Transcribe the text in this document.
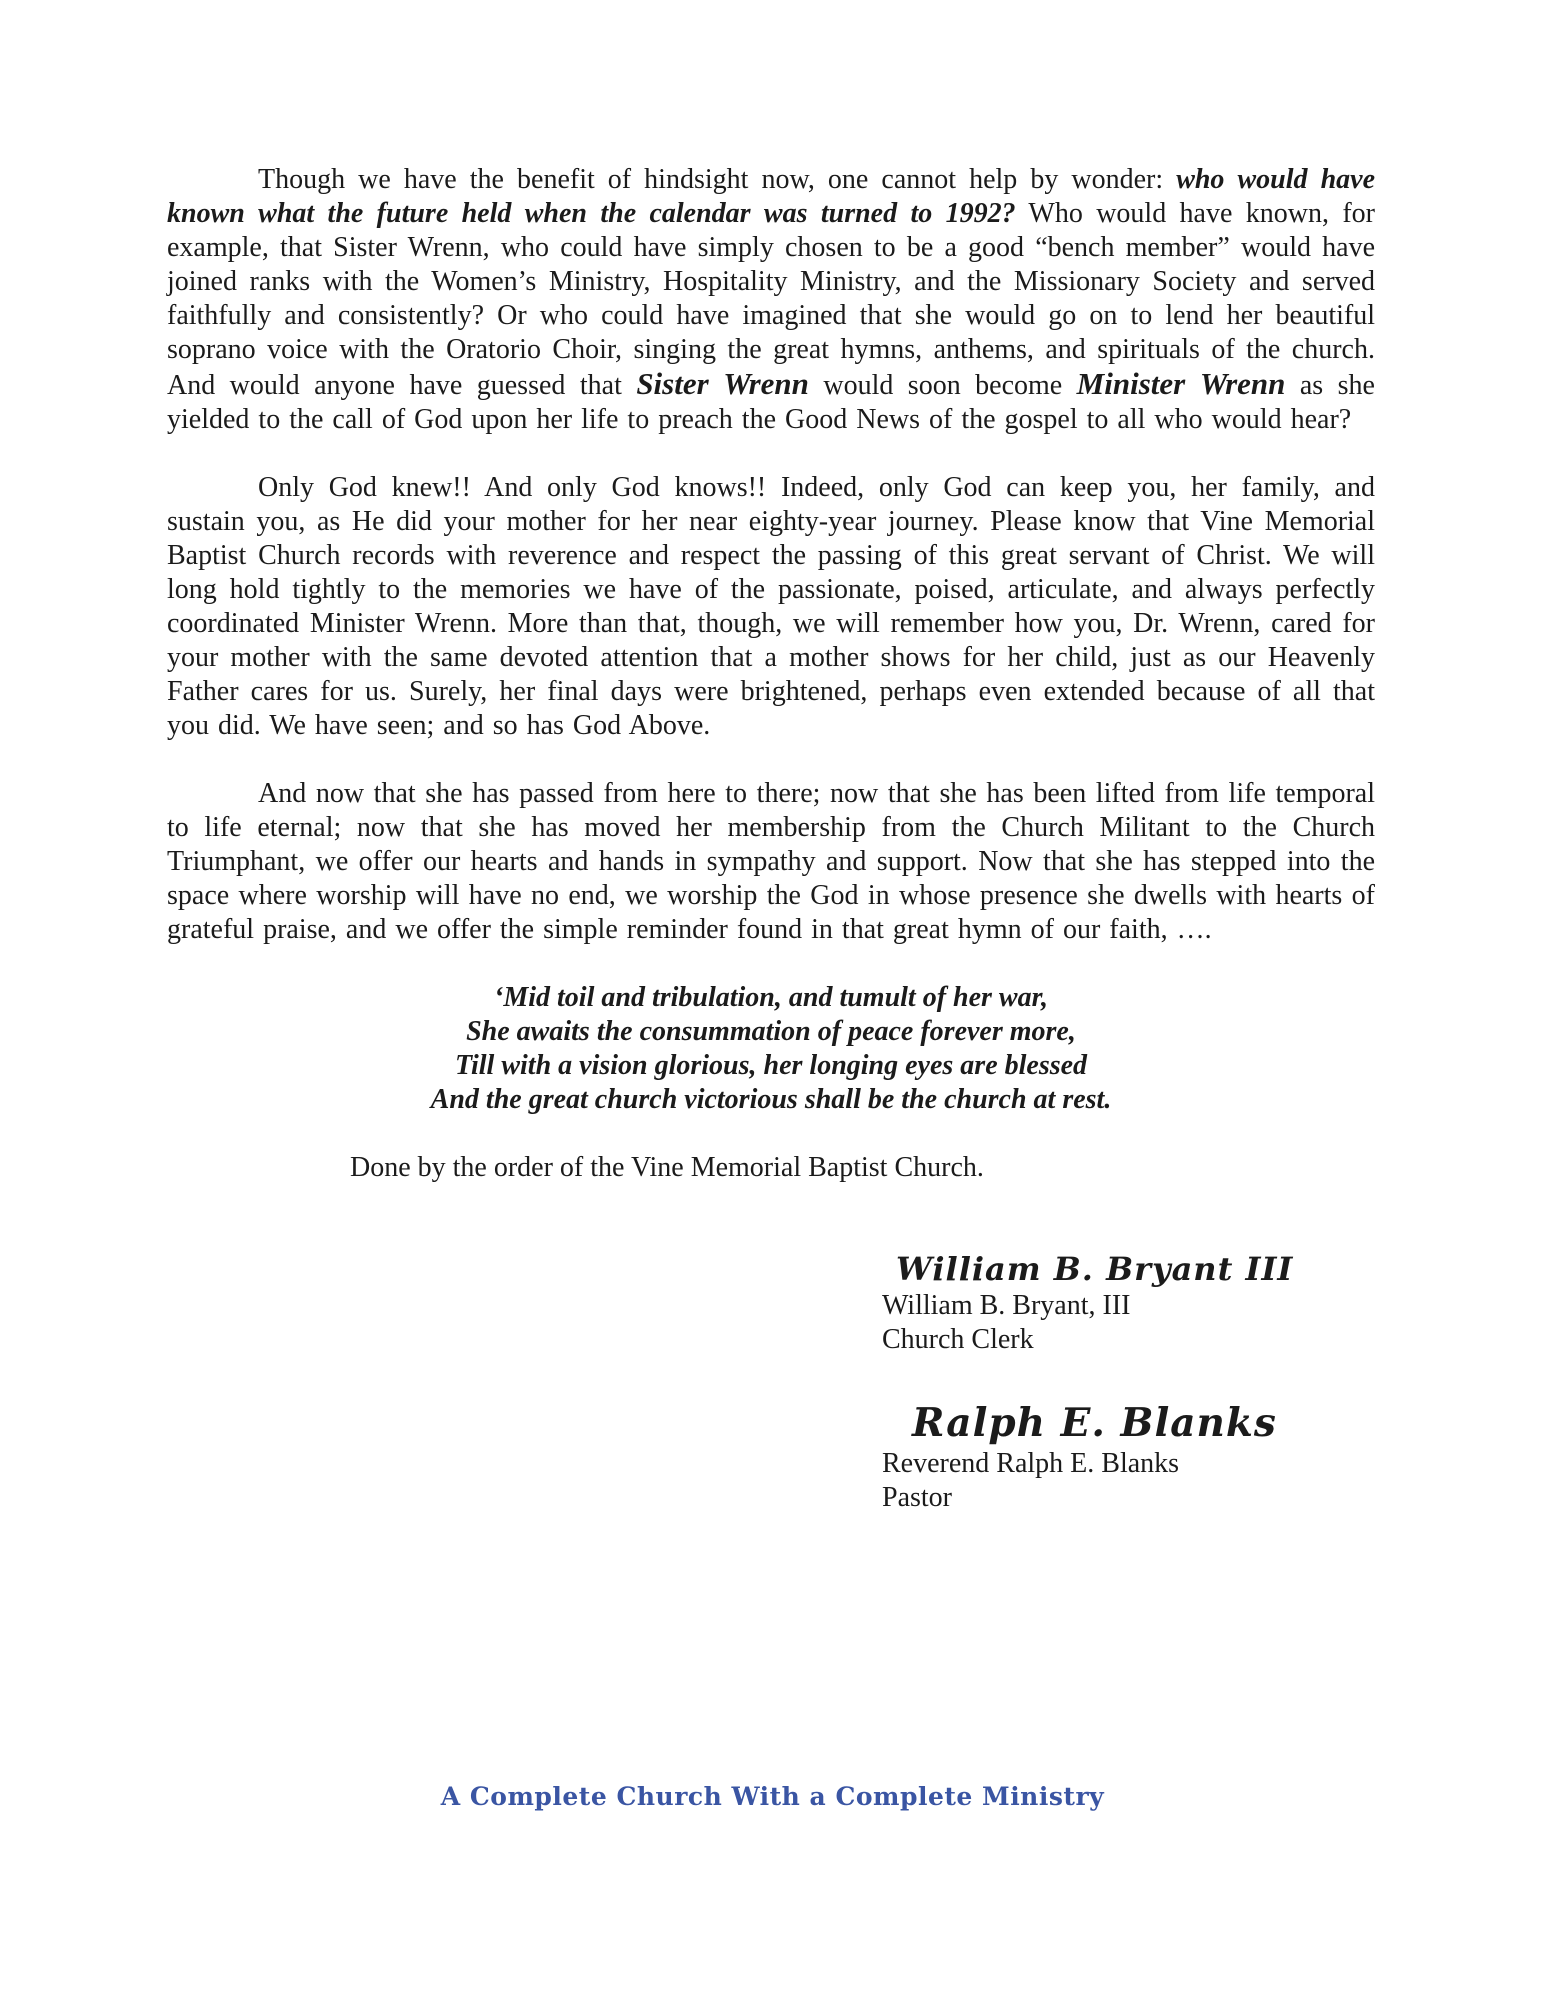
Though we have the benefit of hindsight now, one cannot help by wonder: who would have known what the future held when the calendar was turned to 1992? Who would have known, for example, that Sister Wrenn, who could have simply chosen to be a good “bench member” would have joined ranks with the Women’s Ministry, Hospitality Ministry, and the Missionary Society and served faithfully and consistently? Or who could have imagined that she would go on to lend her beautiful soprano voice with the Oratorio Choir, singing the great hymns, anthems, and spirituals of the church. And would anyone have guessed that Sister Wrenn would soon become Minister Wrenn as she yielded to the call of God upon her life to preach the Good News of the gospel to all who would hear?

Only God knew!! And only God knows!! Indeed, only God can keep you, her family, and sustain you, as He did your mother for her near eighty-year journey. Please know that Vine Memorial Baptist Church records with reverence and respect the passing of this great servant of Christ. We will long hold tightly to the memories we have of the passionate, poised, articulate, and always perfectly coordinated Minister Wrenn. More than that, though, we will remember how you, Dr. Wrenn, cared for your mother with the same devoted attention that a mother shows for her child, just as our Heavenly Father cares for us. Surely, her final days were brightened, perhaps even extended because of all that you did. We have seen; and so has God Above.

And now that she has passed from here to there; now that she has been lifted from life temporal to life eternal; now that she has moved her membership from the Church Militant to the Church Triumphant, we offer our hearts and hands in sympathy and support. Now that she has stepped into the space where worship will have no end, we worship the God in whose presence she dwells with hearts of grateful praise, and we offer the simple reminder found in that great hymn of our faith, ….

‘Mid toil and tribulation, and tumult of her war,
She awaits the consummation of peace forever more,
Till with a vision glorious, her longing eyes are blessed
And the great church victorious shall be the church at rest.

Done by the order of the Vine Memorial Baptist Church.

William B. Bryant III
William B. Bryant, III
Church Clerk
Ralph E. Blanks
Reverend Ralph E. Blanks
Pastor
A Complete Church With a Complete Ministry
